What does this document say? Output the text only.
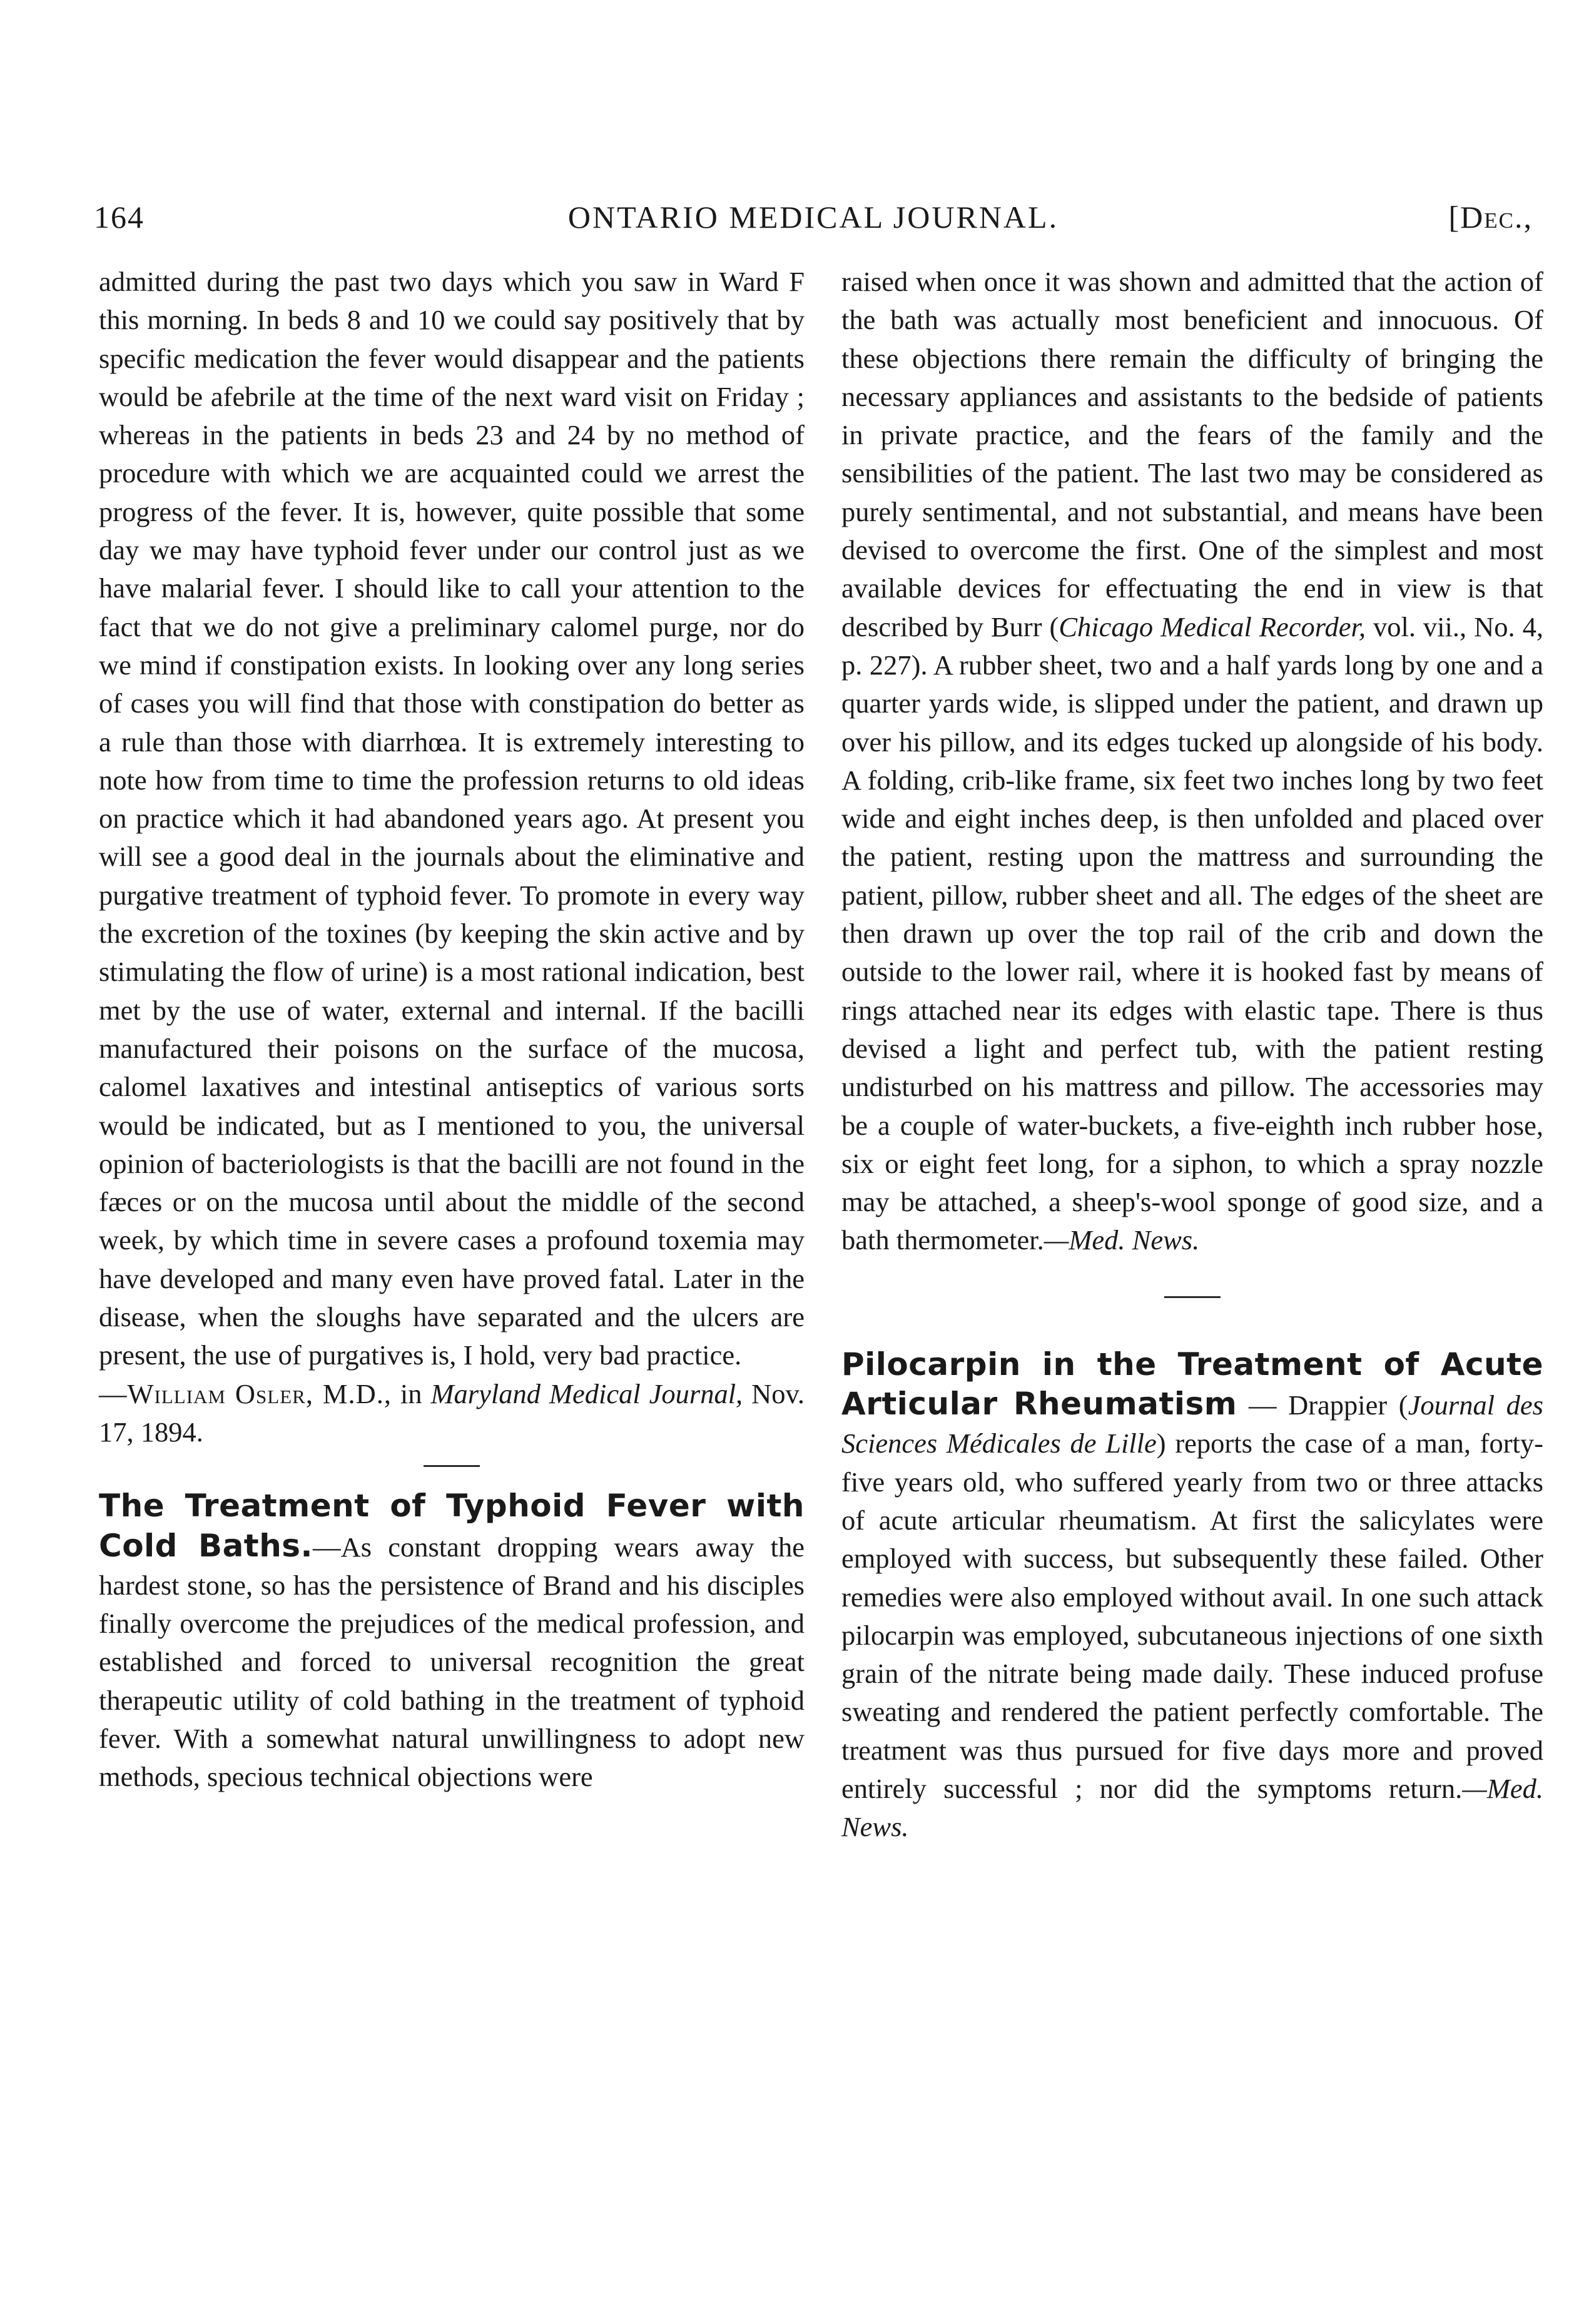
164	ONTARIO MEDICAL JOURNAL.	[Dec.,

admitted during the past two days which you saw in Ward F this morning. In beds 8 and 10 we could say positively that by specific medication the fever would disappear and the patients would be afebrile at the time of the next ward visit on Friday ; whereas in the patients in beds 23 and 24 by no method of procedure with which we are acquainted could we arrest the progress of the fever. It is, however, quite possible that some day we may have typhoid fever under our control just as we have malarial fever. I should like to call your attention to the fact that we do not give a preliminary calomel purge, nor do we mind if constipation exists. In looking over any long series of cases you will find that those with constipation do better as a rule than those with diarrhœa. It is extremely interesting to note how from time to time the profession returns to old ideas on practice which it had abandoned years ago. At present you will see a good deal in the journals about the eliminative and purgative treatment of typhoid fever. To promote in every way the excretion of the toxines (by keeping the skin active and by stimulating the flow of urine) is a most rational indication, best met by the use of water, external and internal. If the bacilli manufactured their poisons on the surface of the mucosa, calomel laxatives and intestinal antiseptics of various sorts would be indicated, but as I mentioned to you, the universal opinion of bacteriologists is that the bacilli are not found in the fæces or on the mucosa until about the middle of the second week, by which time in severe cases a profound toxemia may have developed and many even have proved fatal. Later in the disease, when the sloughs have separated and the ulcers are present, the use of purgatives is, I hold, very bad practice.

—William Osler, M.D., in Maryland Medical Journal, Nov. 17, 1894.

The Treatment of Typhoid Fever with Cold Baths.—As constant dropping wears away the hardest stone, so has the persistence of Brand and his disciples finally overcome the prejudices of the medical profession, and established and forced to universal recognition the great therapeutic utility of cold bathing in the treatment of typhoid fever. With a somewhat natural unwillingness to adopt new methods, specious technical objections were

raised when once it was shown and admitted that the action of the bath was actually most beneficient and innocuous. Of these objections there remain the difficulty of bringing the necessary appliances and assistants to the bedside of patients in private practice, and the fears of the family and the sensibilities of the patient. The last two may be considered as purely sentimental, and not substantial, and means have been devised to overcome the first. One of the simplest and most available devices for effectuating the end in view is that described by Burr (Chicago Medical Recorder, vol. vii., No. 4, p. 227). A rubber sheet, two and a half yards long by one and a quarter yards wide, is slipped under the patient, and drawn up over his pillow, and its edges tucked up alongside of his body. A folding, crib-like frame, six feet two inches long by two feet wide and eight inches deep, is then unfolded and placed over the patient, resting upon the mattress and surrounding the patient, pillow, rubber sheet and all. The edges of the sheet are then drawn up over the top rail of the crib and down the outside to the lower rail, where it is hooked fast by means of rings attached near its edges with elastic tape. There is thus devised a light and perfect tub, with the patient resting undisturbed on his mattress and pillow. The accessories may be a couple of water-buckets, a five-eighth inch rubber hose, six or eight feet long, for a siphon, to which a spray nozzle may be attached, a sheep's-wool sponge of good size, and a bath thermometer.—Med. News.

Pilocarpin in the Treatment of Acute Articular Rheumatism — Drappier (Journal des Sciences Médicales de Lille) reports the case of a man, forty-five years old, who suffered yearly from two or three attacks of acute articular rheumatism. At first the salicylates were employed with success, but subsequently these failed. Other remedies were also employed without avail. In one such attack pilocarpin was employed, subcutaneous injections of one sixth grain of the nitrate being made daily. These induced profuse sweating and rendered the patient perfectly comfortable. The treatment was thus pursued for five days more and proved entirely successful ; nor did the symptoms return.—Med. News.
